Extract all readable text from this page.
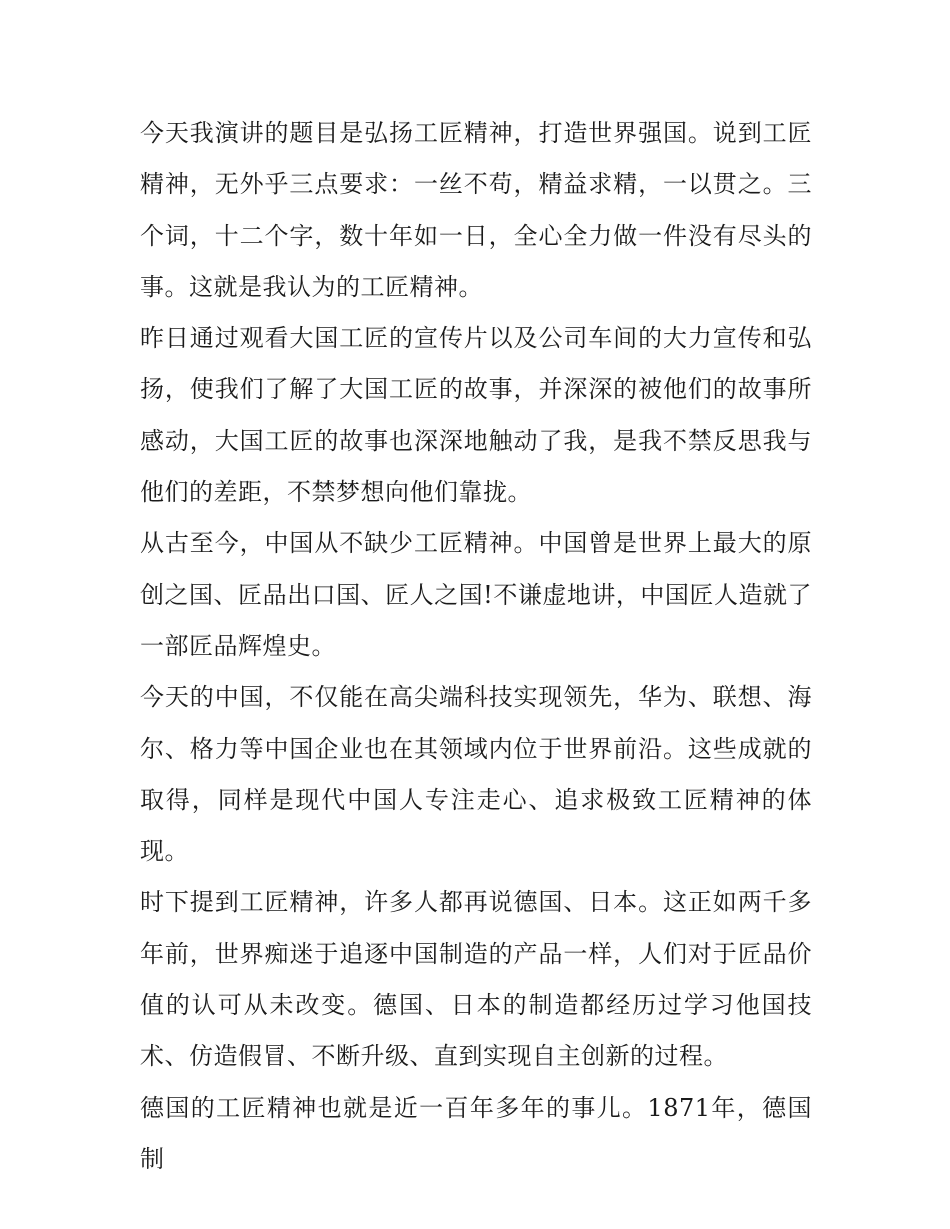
今天我演讲的题目是弘扬工匠精神，打造世界强国。说到工匠精神，无外乎三点要求：一丝不苟，精益求精，一以贯之。三个词，十二个字，数十年如一日，全心全力做一件没有尽头的事。这就是我认为的工匠精神。

昨日通过观看大国工匠的宣传片以及公司车间的大力宣传和弘扬，使我们了解了大国工匠的故事，并深深的被他们的故事所感动，大国工匠的故事也深深地触动了我，是我不禁反思我与他们的差距，不禁梦想向他们靠拢。

从古至今，中国从不缺少工匠精神。中国曾是世界上最大的原创之国、匠品出口国、匠人之国!不谦虚地讲，中国匠人造就了一部匠品辉煌史。

今天的中国，不仅能在高尖端科技实现领先，华为、联想、海尔、格力等中国企业也在其领域内位于世界前沿。这些成就的取得，同样是现代中国人专注走心、追求极致工匠精神的体现。

时下提到工匠精神，许多人都再说德国、日本。这正如两千多年前，世界痴迷于追逐中国制造的产品一样，人们对于匠品价值的认可从未改变。德国、日本的制造都经历过学习他国技术、仿造假冒、不断升级、直到实现自主创新的过程。

德国的工匠精神也就是近一百年多年的事儿。1871年，德国制
